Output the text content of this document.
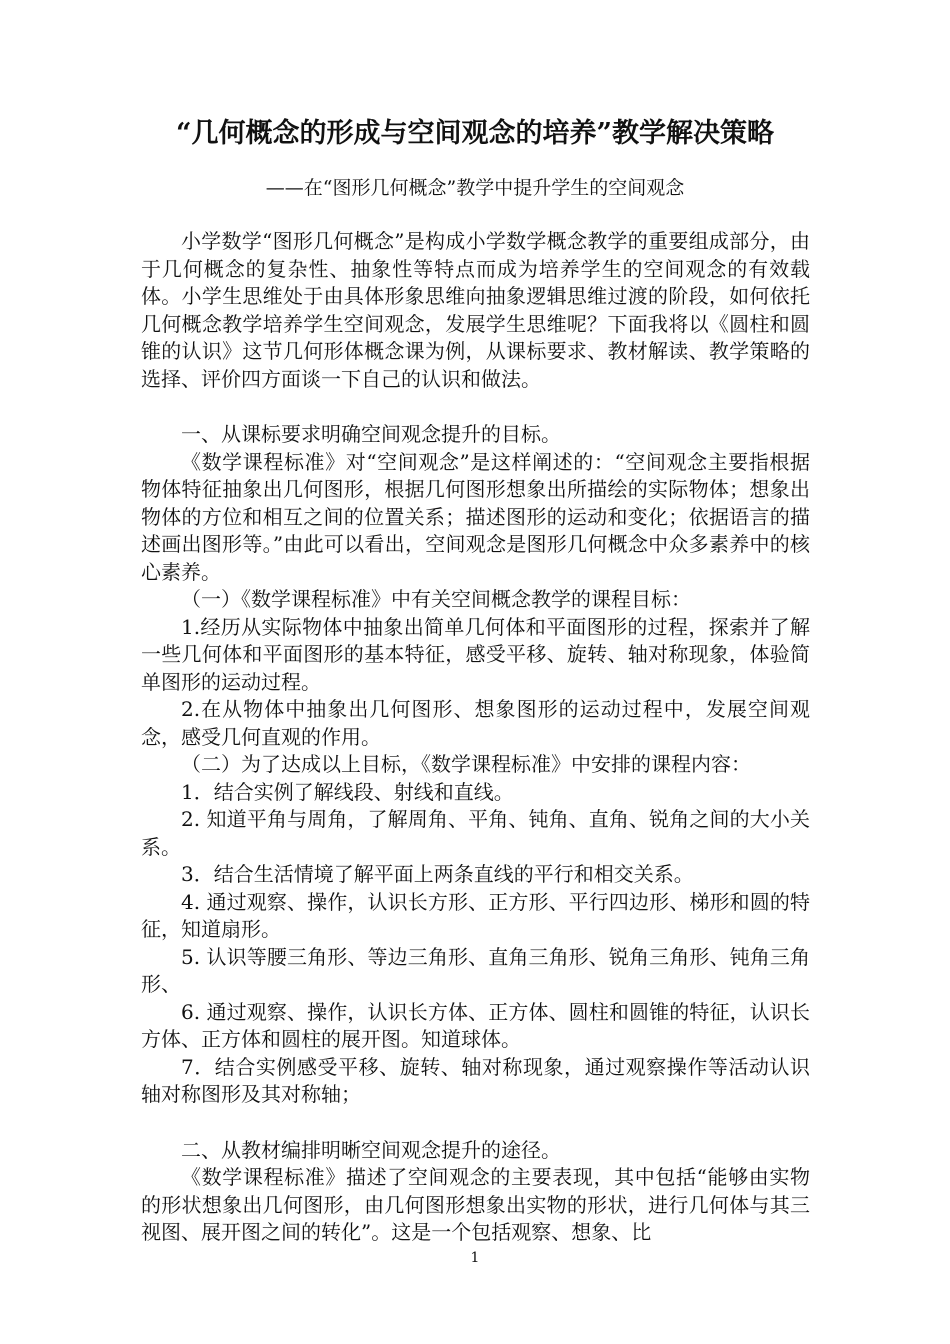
“几何概念的形成与空间观念的培养”教学解决策略
——在“图形几何概念”教学中提升学生的空间观念

小学数学“图形几何概念”是构成小学数学概念教学的重要组成部分，由于几何概念的复杂性、抽象性等特点而成为培养学生的空间观念的有效载体。小学生思维处于由具体形象思维向抽象逻辑思维过渡的阶段，如何依托几何概念教学培养学生空间观念，发展学生思维呢？下面我将以《圆柱和圆锥的认识》这节几何形体概念课为例，从课标要求、教材解读、教学策略的选择、评价四方面谈一下自己的认识和做法。

一、从课标要求明确空间观念提升的目标。

《数学课程标准》对“空间观念”是这样阐述的：“空间观念主要指根据物体特征抽象出几何图形，根据几何图形想象出所描绘的实际物体；想象出物体的方位和相互之间的位置关系；描述图形的运动和变化；依据语言的描述画出图形等。”由此可以看出，空间观念是图形几何概念中众多素养中的核心素养。

（一）《数学课程标准》中有关空间概念教学的课程目标：

1.经历从实际物体中抽象出简单几何体和平面图形的过程，探索并了解一些几何体和平面图形的基本特征，感受平移、旋转、轴对称现象，体验简单图形的运动过程。

2.在从物体中抽象出几何图形、想象图形的运动过程中，发展空间观念，感受几何直观的作用。

（二）为了达成以上目标，《数学课程标准》中安排的课程内容：

1．结合实例了解线段、射线和直线。

2. 知道平角与周角，了解周角、平角、钝角、直角、锐角之间的大小关系。

3．结合生活情境了解平面上两条直线的平行和相交关系。

4. 通过观察、操作，认识长方形、正方形、平行四边形、梯形和圆的特征，知道扇形。

5. 认识等腰三角形、等边三角形、直角三角形、锐角三角形、钝角三角形、

6. 通过观察、操作，认识长方体、正方体、圆柱和圆锥的特征，认识长方体、正方体和圆柱的展开图。知道球体。

7．结合实例感受平移、旋转、轴对称现象，通过观察操作等活动认识轴对称图形及其对称轴；

二、从教材编排明晰空间观念提升的途径。

《数学课程标准》描述了空间观念的主要表现，其中包括“能够由实物的形状想象出几何图形，由几何图形想象出实物的形状，进行几何体与其三视图、展开图之间的转化”。这是一个包括观察、想象、比

1
